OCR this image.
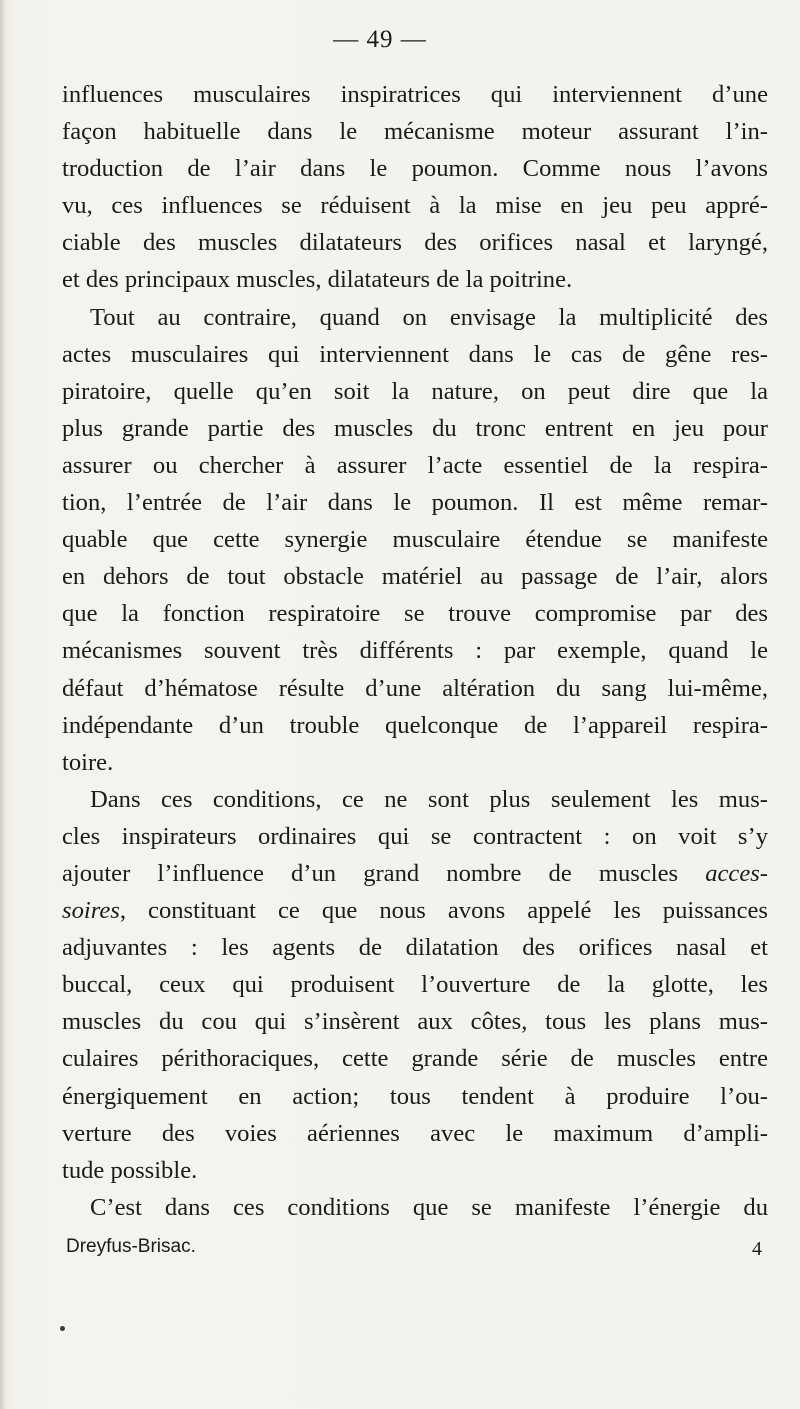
— 49 —
influences musculaires inspiratrices qui interviennent d’une
façon habituelle dans le mécanisme moteur assurant l’in-
troduction de l’air dans le poumon. Comme nous l’avons
vu, ces influences se réduisent à la mise en jeu peu appré-
ciable des muscles dilatateurs des orifices nasal et laryngé,
et des principaux muscles, dilatateurs de la poitrine.
Tout au contraire, quand on envisage la multiplicité des
actes musculaires qui interviennent dans le cas de gêne res-
piratoire, quelle qu’en soit la nature, on peut dire que la
plus grande partie des muscles du tronc entrent en jeu pour
assurer ou chercher à assurer l’acte essentiel de la respira-
tion, l’entrée de l’air dans le poumon. Il est même remar-
quable que cette synergie musculaire étendue se manifeste
en dehors de tout obstacle matériel au passage de l’air, alors
que la fonction respiratoire se trouve compromise par des
mécanismes souvent très différents : par exemple, quand le
défaut d’hématose résulte d’une altération du sang lui-même,
indépendante d’un trouble quelconque de l’appareil respira-
toire.
Dans ces conditions, ce ne sont plus seulement les mus-
cles inspirateurs ordinaires qui se contractent : on voit s’y
ajouter l’influence d’un grand nombre de muscles acces-
soires, constituant ce que nous avons appelé les puissances
adjuvantes : les agents de dilatation des orifices nasal et
buccal, ceux qui produisent l’ouverture de la glotte, les
muscles du cou qui s’insèrent aux côtes, tous les plans mus-
culaires périthoraciques, cette grande série de muscles entre
énergiquement en action; tous tendent à produire l’ou-
verture des voies aériennes avec le maximum d’ampli-
tude possible.
C’est dans ces conditions que se manifeste l’énergie du
Dreyfus-Brisac.	4
